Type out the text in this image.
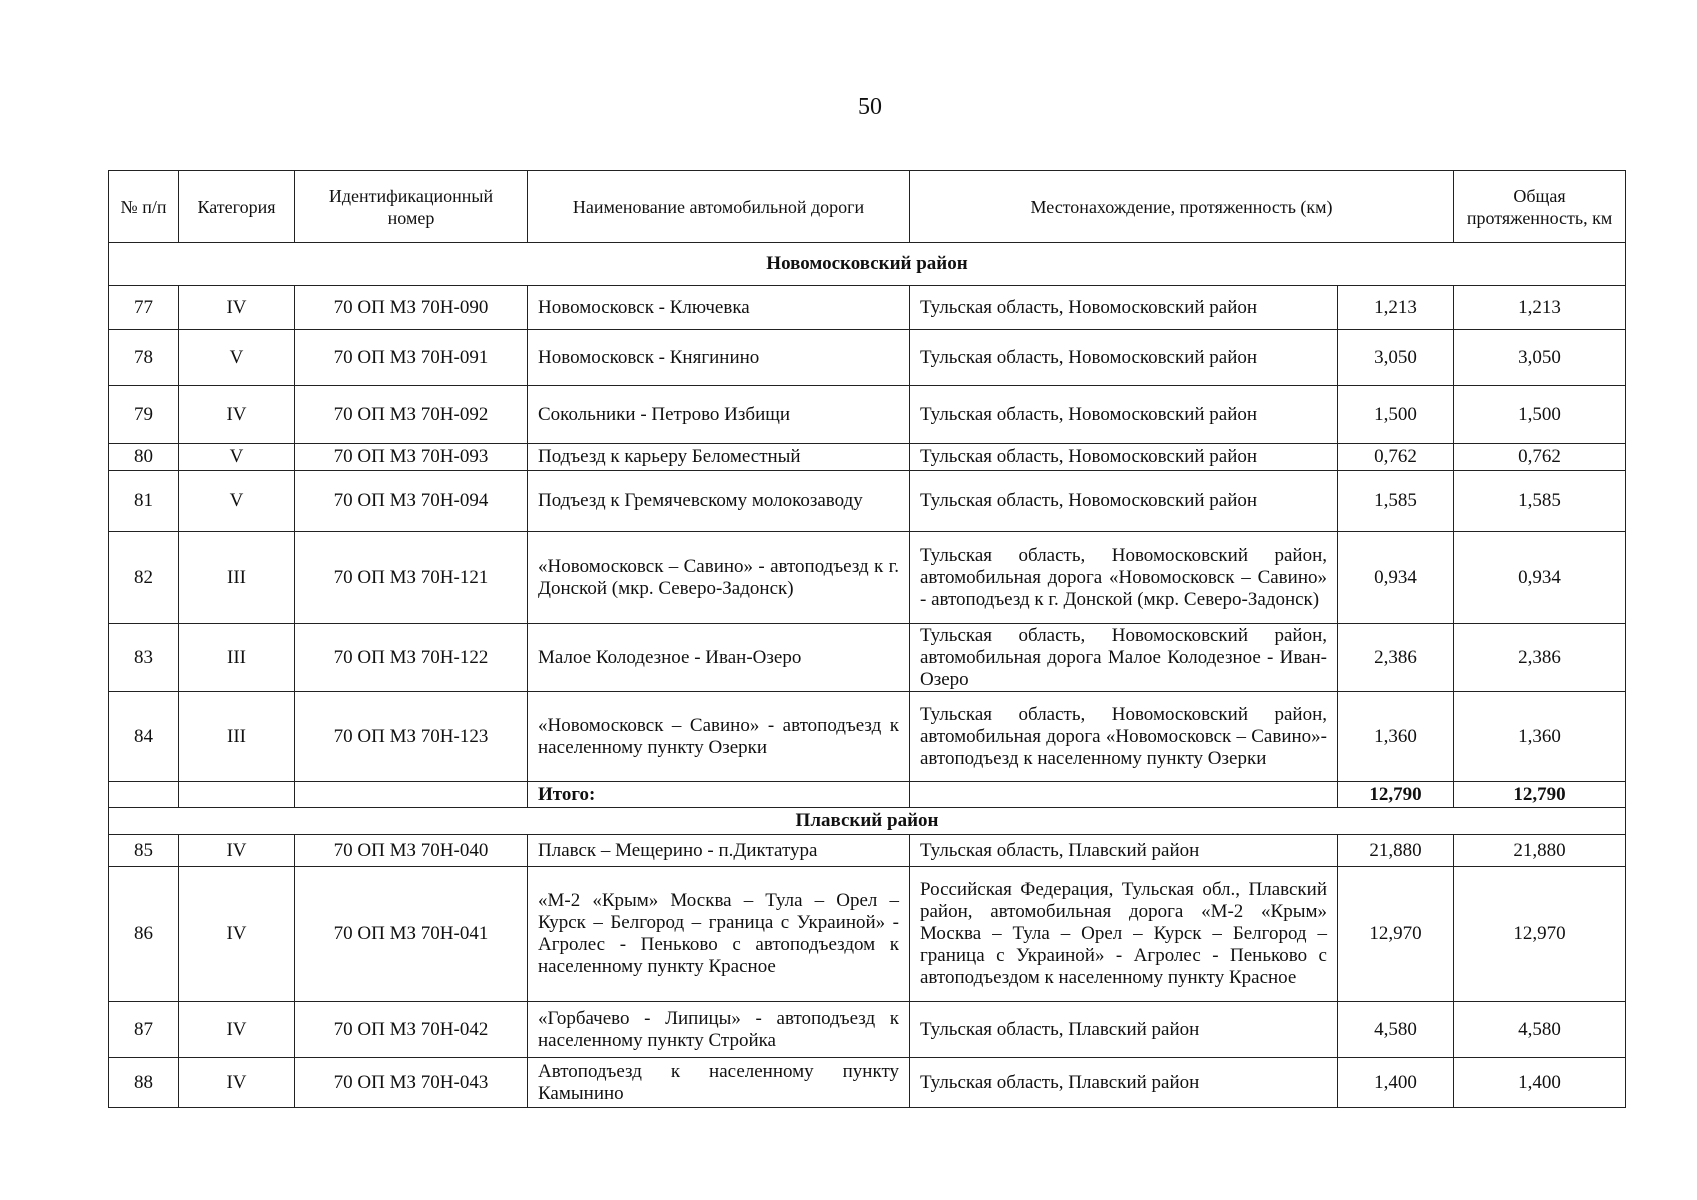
50
№ п/п	Категория	Идентификационный номер	Наименование автомобильной дороги	Местонахождение, протяженность (км)		Общая протяженность, км
Новомосковский район						
77	IV	70 ОП МЗ 70Н-090	Новомосковск - Ключевка	Тульская область, Новомосковский район	1,213	1,213
78	V	70 ОП МЗ 70Н-091	Новомосковск - Княгинино	Тульская область, Новомосковский район	3,050	3,050
79	IV	70 ОП МЗ 70Н-092	Сокольники - Петрово Избищи	Тульская область, Новомосковский район	1,500	1,500
80	V	70 ОП МЗ 70Н-093	Подъезд к карьеру Беломестный	Тульская область, Новомосковский район	0,762	0,762
81	V	70 ОП МЗ 70Н-094	Подъезд к Гремячевскому молокозаводу	Тульская область, Новомосковский район	1,585	1,585
82	III	70 ОП МЗ 70Н-121	«Новомосковск – Савино» - автоподъезд к г. Донской (мкр. Северо-Задонск)	Тульская область, Новомосковский район, автомобильная дорога «Новомосковск – Савино» - автоподъезд к г. Донской (мкр. Северо-Задонск)	0,934	0,934
83	III	70 ОП МЗ 70Н-122	Малое Колодезное - Иван-Озеро	Тульская область, Новомосковский район, автомобильная дорога Малое Колодезное - Иван-Озеро	2,386	2,386
84	III	70 ОП МЗ 70Н-123	«Новомосковск – Савино» - автоподъезд к населенному пункту Озерки	Тульская область, Новомосковский район, автомобильная дорога «Новомосковск – Савино»- автоподъезд к населенному пункту Озерки	1,360	1,360
			Итого:		12,790	12,790
Плавский район						
85	IV	70 ОП МЗ 70Н-040	Плавск – Мещерино - п.Диктатура	Тульская область, Плавский район	21,880	21,880
86	IV	70 ОП МЗ 70Н-041	«М-2 «Крым» Москва – Тула – Орел – Курск – Белгород – граница с Украиной» - Агролес - Пеньково с автоподъездом к населенному пункту Красное	Российская Федерация, Тульская обл., Плавский район, автомобильная дорога «М-2 «Крым» Москва – Тула – Орел – Курск – Белгород – граница с Украиной» - Агролес - Пеньково с автоподъездом к населенному пункту Красное	12,970	12,970
87	IV	70 ОП МЗ 70Н-042	«Горбачево - Липицы» - автоподъезд к населенному пункту Стройка	Тульская область, Плавский район	4,580	4,580
88	IV	70 ОП МЗ 70Н-043	Автоподъезд к населенному пункту Камынино	Тульская область, Плавский район	1,400	1,400
